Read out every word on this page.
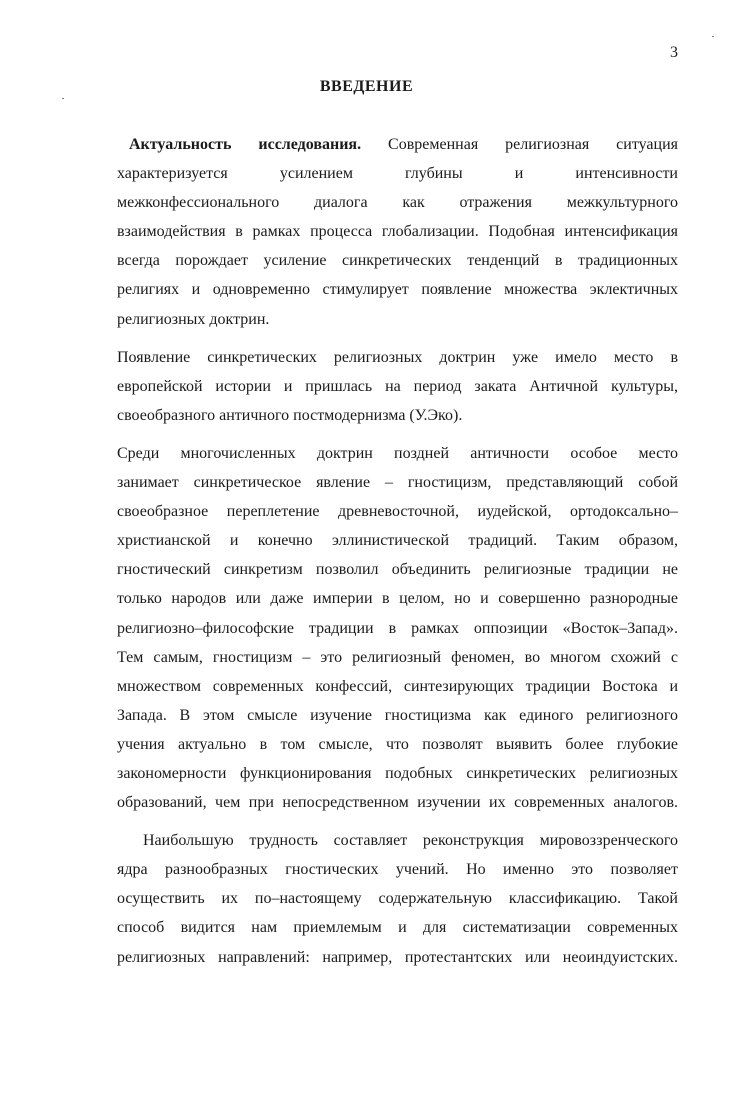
3
ВВЕДЕНИЕ

Актуальность исследования. Современная религиозная ситуация
характеризуется усилением глубины и интенсивности
межконфессионального диалога как отражения межкультурного
взаимодействия в рамках процесса глобализации. Подобная интенсификация
всегда порождает усиление синкретических тенденций в традиционных
религиях и одновременно стимулирует появление множества эклектичных
религиозных доктрин.

Появление синкретических религиозных доктрин уже имело место в
европейской истории и пришлась на период заката Античной культуры,
своеобразного античного постмодернизма (У.Эко).

Среди многочисленных доктрин поздней античности особое место
занимает синкретическое явление – гностицизм, представляющий собой
своеобразное переплетение древневосточной, иудейской, ортодоксально–
христианской и конечно эллинистической традиций. Таким образом,
гностический синкретизм позволил объединить религиозные традиции не
только народов или даже империи в целом, но и совершенно разнородные
религиозно–философские традиции в рамках оппозиции «Восток–Запад».
Тем самым, гностицизм – это религиозный феномен, во многом схожий с
множеством современных конфессий, синтезирующих традиции Востока и
Запада. В этом смысле изучение гностицизма как единого религиозного
учения актуально в том смысле, что позволят выявить более глубокие
закономерности функционирования подобных синкретических религиозных
образований, чем при непосредственном изучении их современных аналогов.

Наибольшую трудность составляет реконструкция мировоззренческого
ядра разнообразных гностических учений. Но именно это позволяет
осуществить их по–настоящему содержательную классификацию. Такой
способ видится нам приемлемым и для систематизации современных
религиозных направлений: например, протестантских или неоиндуистских.
